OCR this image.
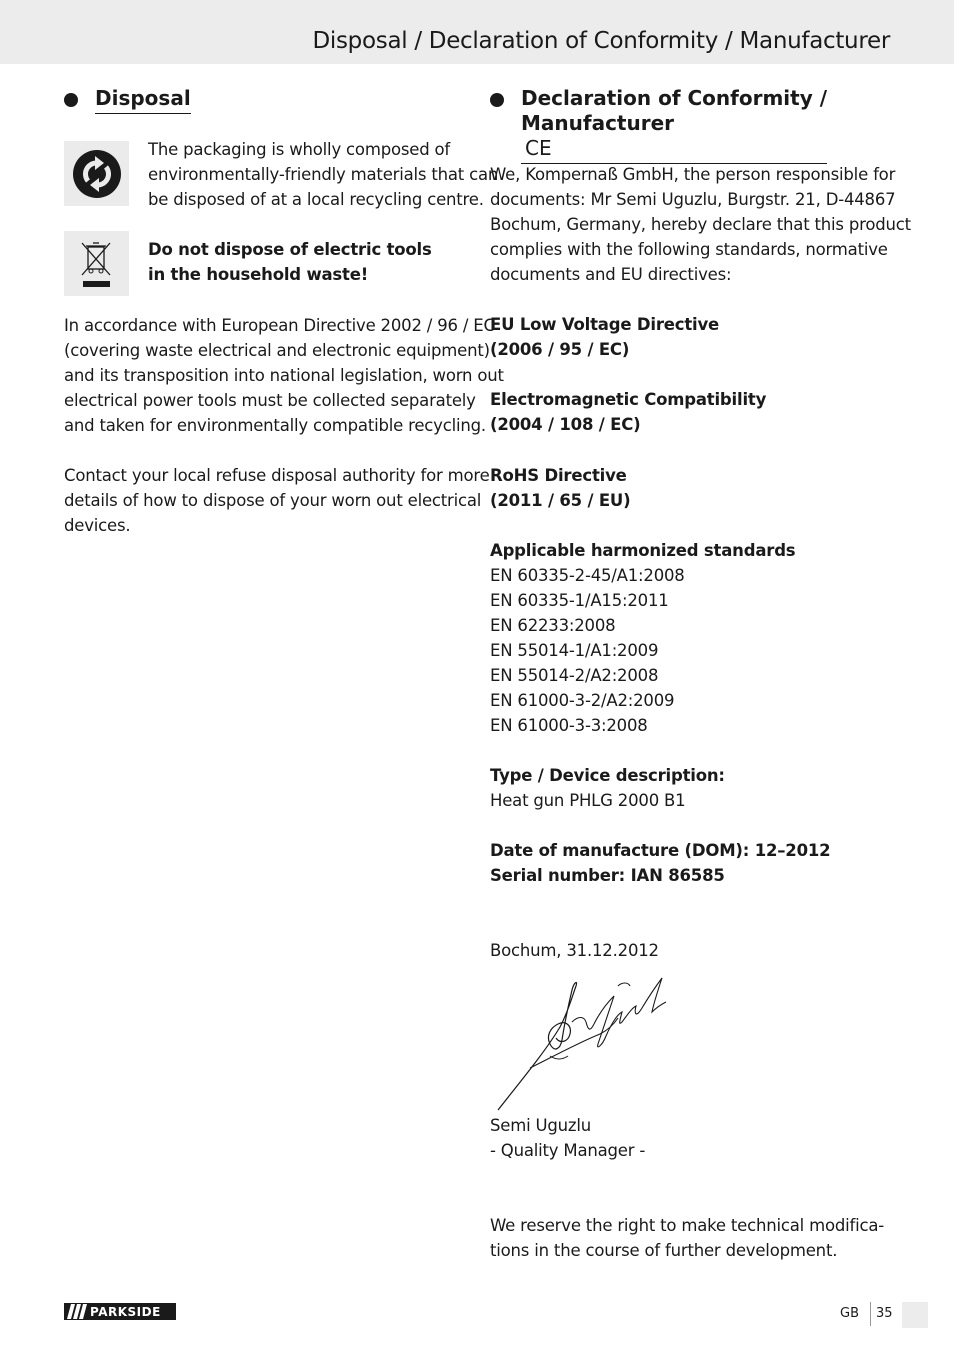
Disposal / Declaration of Conformity / Manufacturer
Disposal
The packaging is wholly composed of
environmentally-friendly materials that can
be disposed of at a local recycling centre.
Do not dispose of electric tools
in the household waste!
In accordance with European Directive 2002 / 96 / EC
(covering waste electrical and electronic equipment)
and its transposition into national legislation, worn out
electrical power tools must be collected separately
and taken for environmentally compatible recycling.
Contact your local refuse disposal authority for more
details of how to dispose of your worn out electrical
devices.
Declaration of Conformity /
Manufacturer
CE
We, Kompernaß GmbH, the person responsible for
documents: Mr Semi Uguzlu, Burgstr. 21, D-44867
Bochum, Germany, hereby declare that this product
complies with the following standards, normative
documents and EU directives:
EU Low Voltage Directive
(2006 / 95 / EC)
Electromagnetic Compatibility
(2004 / 108 / EC)
RoHS Directive
(2011 / 65 / EU)
Applicable harmonized standards
EN 60335-2-45/A1:2008
EN 60335-1/A15:2011
EN 62233:2008
EN 55014-1/A1:2009
EN 55014-2/A2:2008
EN 61000-3-2/A2:2009
EN 61000-3-3:2008
Type / Device description:
Heat gun PHLG 2000 B1
Date of manufacture (DOM): 12–2012
Serial number: IAN 86585
Bochum, 31.12.2012
Semi Uguzlu
- Quality Manager -
We reserve the right to make technical modifica-
tions in the course of further development.
PARKSIDE	GB 35
